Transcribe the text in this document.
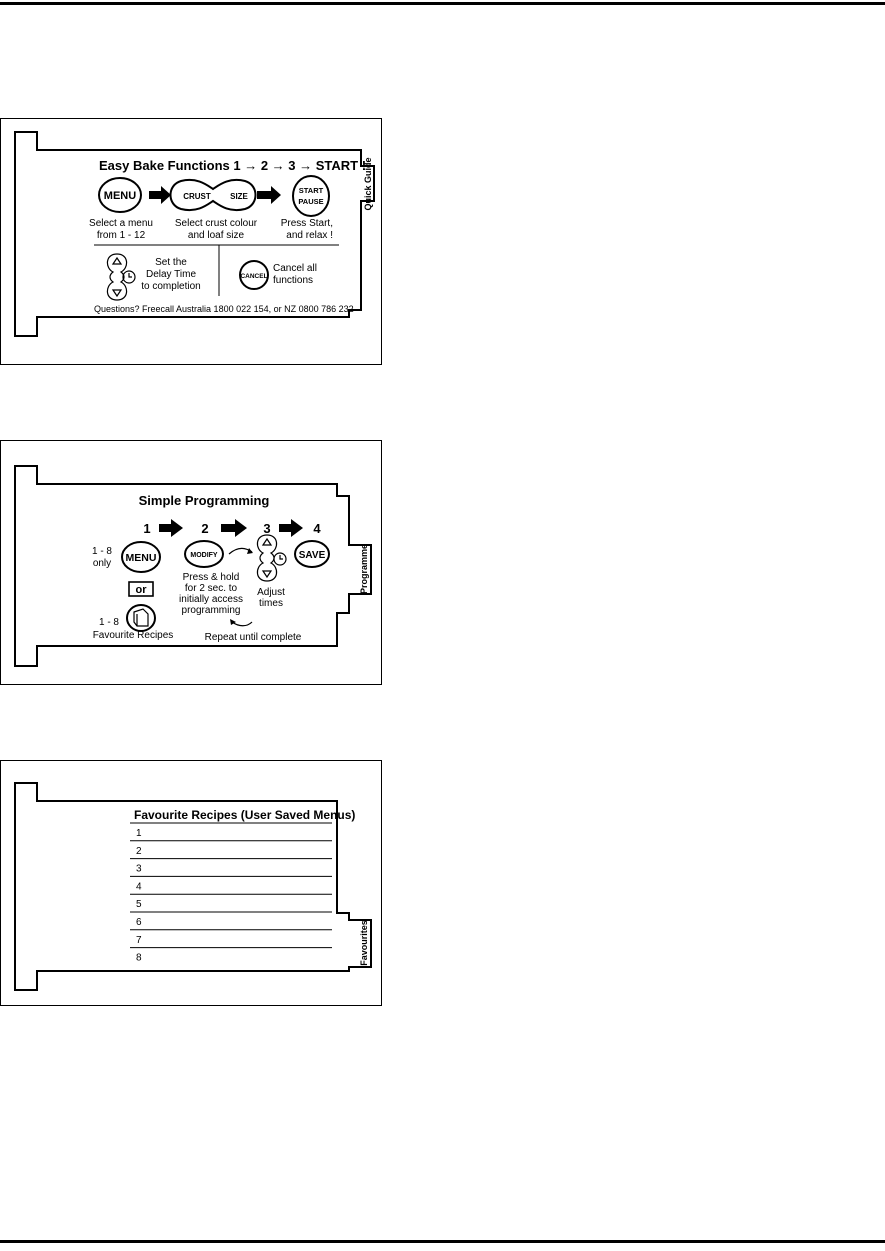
Easy Bake Functions 1 → 2 → 3 → START !
Quick Guide
MENU	CRUST SIZE
START
PAUSE
Select a menu
from 1 - 12
Select crust colour
and loaf size
Press Start,
and relax !
Set the
Delay Time
to completion
CANCEL
Cancel all
functions
Questions? Freecall Australia 1800 022 154, or NZ 0800 786 232
Simple Programming
Programme
1	2	3	4
1 - 8
only MENU
or
1 - 8
Favourite Recipes
MODIFY
Press & hold
for 2 sec. to
initially access
programming
Adjust
times
SAVE
Repeat until complete
Favourite Recipes (User Saved Menus)
Favourites
1
2
3
4
5
6
7
8
